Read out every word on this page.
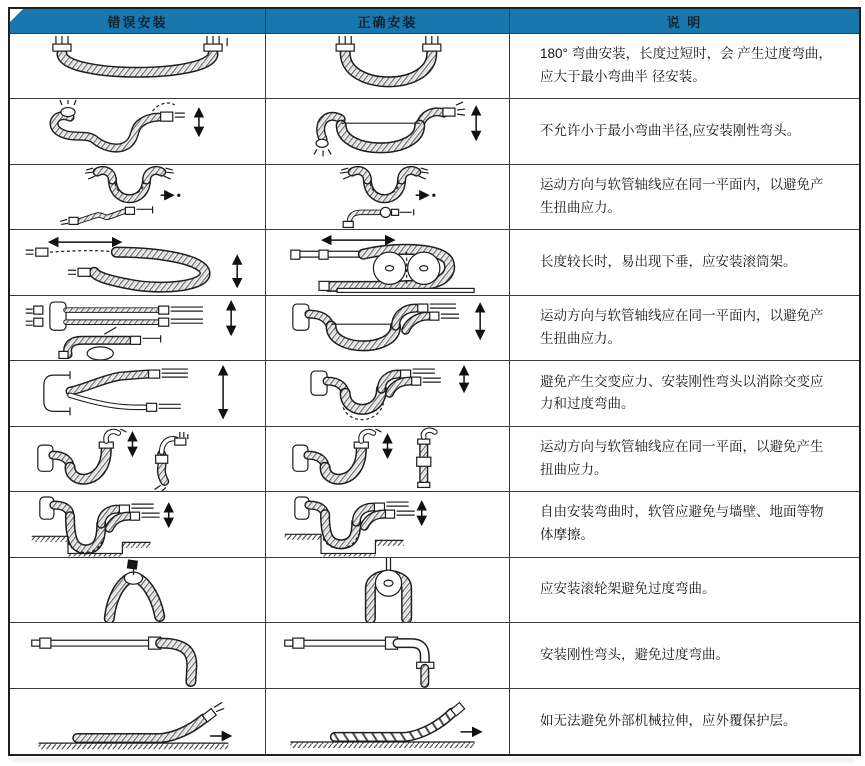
错误安装	正确安装	说 明

180° 弯曲安装，长度过短时，会 产生过度弯曲，应大于最小弯曲半 径安装。

不允许小于最小弯曲半径,应安装刚性弯头。

运动方向与软管轴线应在同一平面内，以避免产生扭曲应力。

长度较长时，易出现下垂，应安装滚筒架。

运动方向与软管轴线应在同一平面内，以避免产生扭曲应力。

避免产生交变应力、安装刚性弯头以消除交变应力和过度弯曲。

运动方向与软管轴线应在同一平面，以避免产生扭曲应力。

自由安装弯曲时，软管应避免与墙壁、地面等物体摩擦。

应安装滚轮架避免过度弯曲。

安装刚性弯头，避免过度弯曲。

如无法避免外部机械拉伸，应外覆保护层。
